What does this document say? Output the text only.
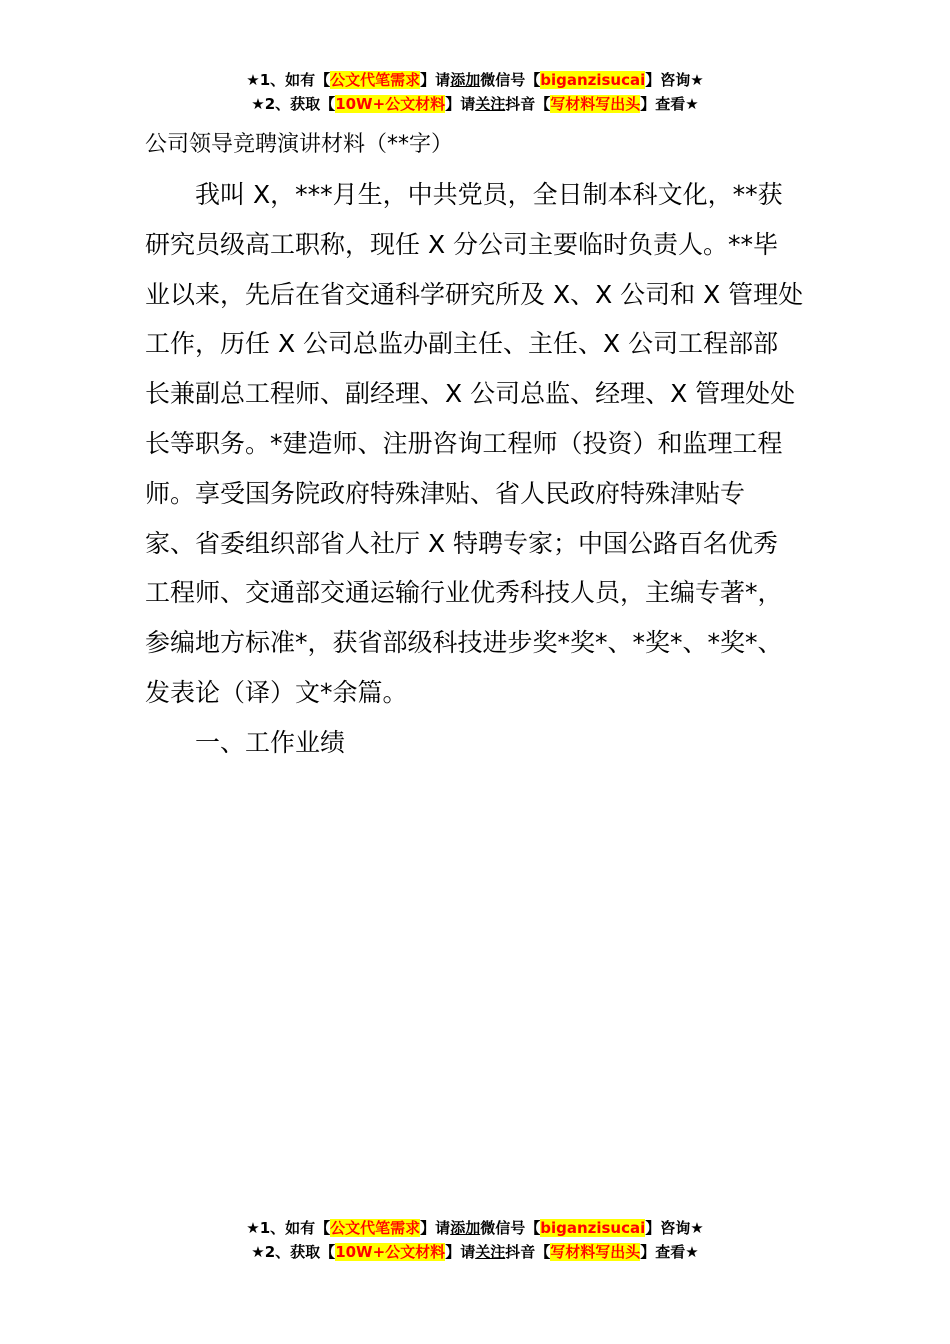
★1、如有【公文代笔需求】请添加微信号【biganzisucai】咨询★
★2、获取【10W+公文材料】请关注抖音【写材料写出头】查看★
公司领导竞聘演讲材料（**字）
我叫 X，***月生，中共党员，全日制本科文化，**获
研究员级高工职称，现任 X 分公司主要临时负责人。**毕
业以来，先后在省交通科学研究所及 X、X 公司和 X 管理处
工作，历任 X 公司总监办副主任、主任、X 公司工程部部
长兼副总工程师、副经理、X 公司总监、经理、X 管理处处
长等职务。*建造师、注册咨询工程师（投资）和监理工程
师。享受国务院政府特殊津贴、省人民政府特殊津贴专
家、省委组织部省人社厅 X 特聘专家；中国公路百名优秀
工程师、交通部交通运输行业优秀科技人员，主编专著*，
参编地方标准*，获省部级科技进步奖*奖*、*奖*、*奖*、
发表论（译）文*余篇。
一、工作业绩
★1、如有【公文代笔需求】请添加微信号【biganzisucai】咨询★
★2、获取【10W+公文材料】请关注抖音【写材料写出头】查看★
